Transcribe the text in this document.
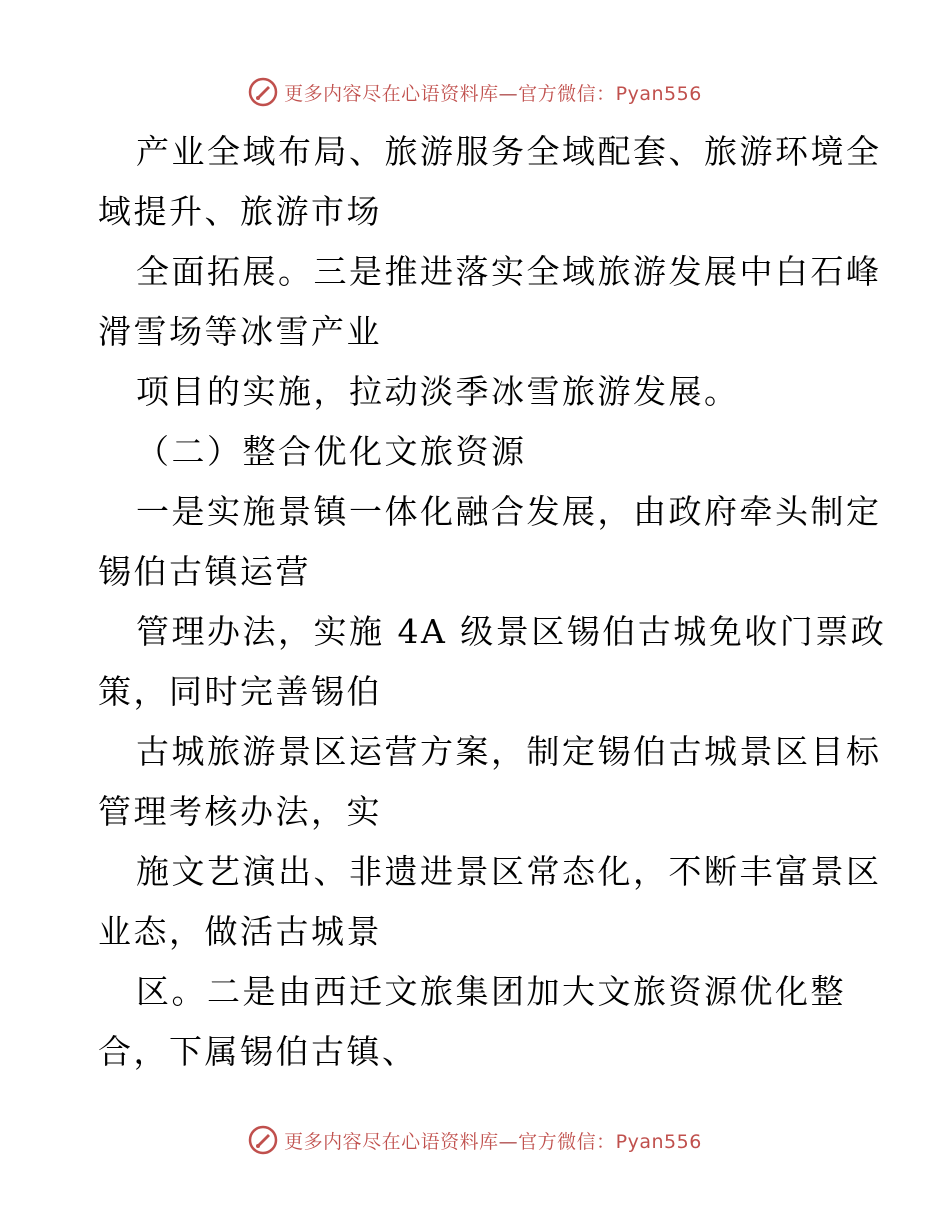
更多内容尽在心语资料库—官方微信：Pyan556

产业全域布局、旅游服务全域配套、旅游环境全

域提升、旅游市场

全面拓展。三是推进落实全域旅游发展中白石峰

滑雪场等冰雪产业

项目的实施，拉动淡季冰雪旅游发展。

（二）整合优化文旅资源

一是实施景镇一体化融合发展，由政府牵头制定

锡伯古镇运营

管理办法，实施 4A 级景区锡伯古城免收门票政

策，同时完善锡伯

古城旅游景区运营方案，制定锡伯古城景区目标

管理考核办法，实

施文艺演出、非遗进景区常态化，不断丰富景区

业态，做活古城景

区。二是由西迁文旅集团加大文旅资源优化整

合，下属锡伯古镇、

更多内容尽在心语资料库—官方微信：Pyan556
